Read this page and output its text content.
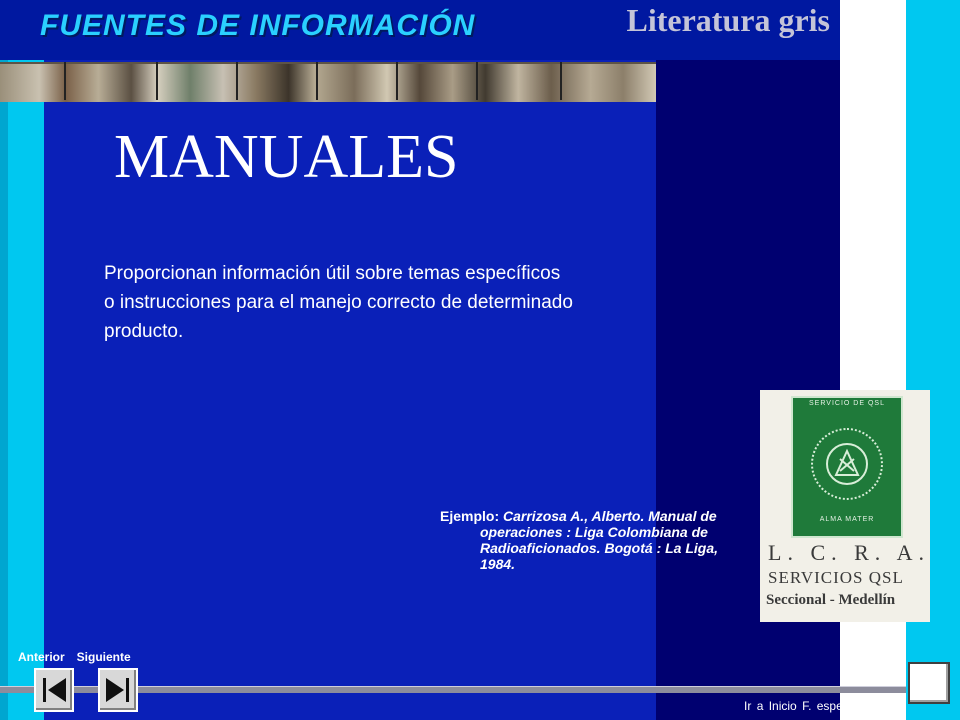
FUENTES DE INFORMACIÓN	Literatura gris
MANUALES
Proporcionan información útil sobre temas específicos o instrucciones para el manejo correcto de determinado producto.

Ejemplo: Carrizosa A., Alberto. Manual de operaciones : Liga Colombiana de Radioaficionados. Bogotá : La Liga, 1984.

SERVICIO DE QSL
ALMA MATER
L. C. R. A.
SERVICIOS QSL
Seccional - Medellín
Anterior Siguiente
Ir a Inicio F. específicas
